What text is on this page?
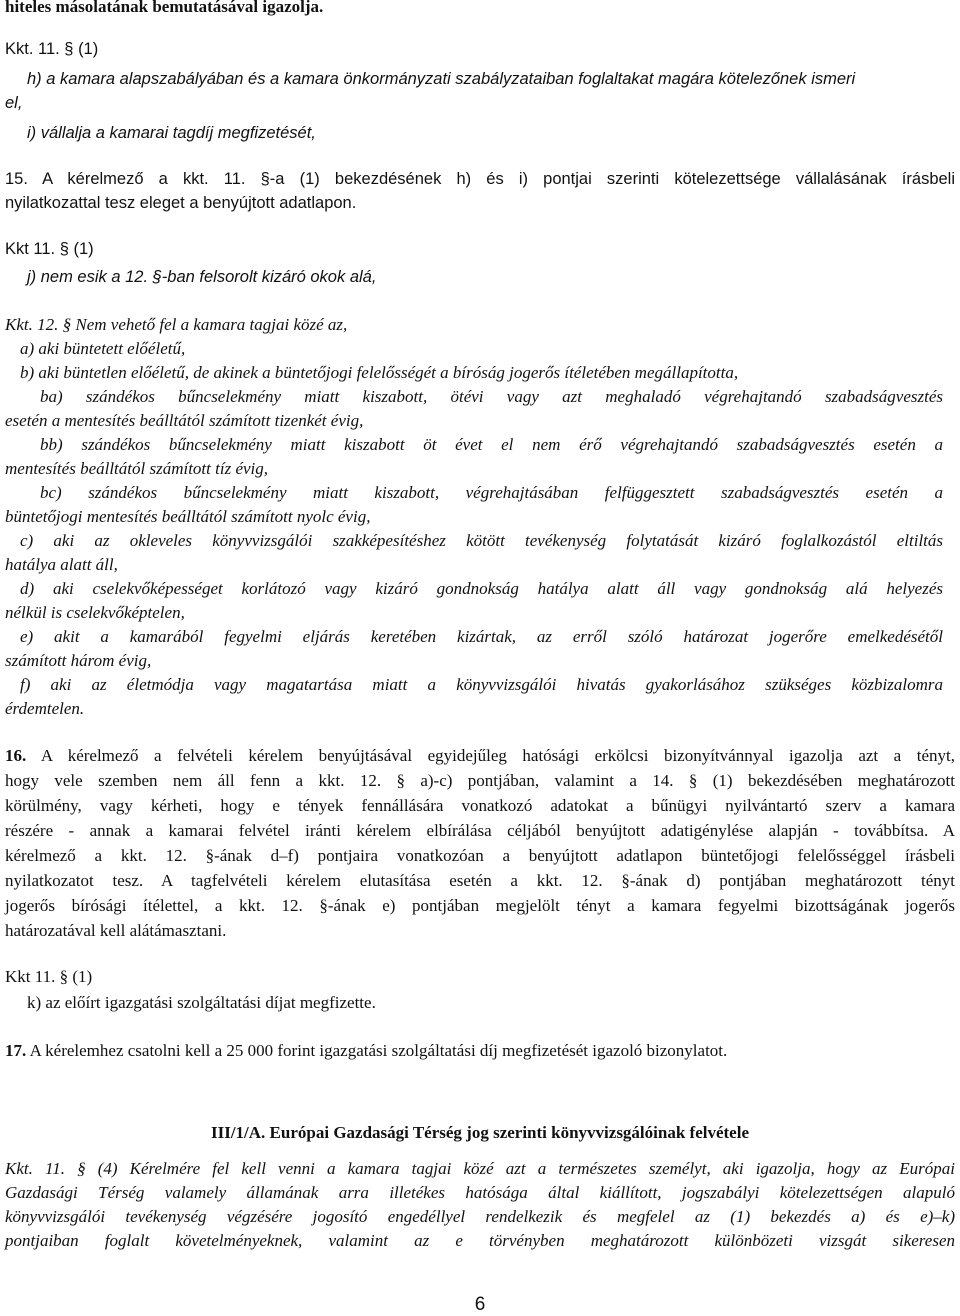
hiteles másolatának bemutatásával igazolja.
Kkt. 11. § (1)
h) a kamara alapszabályában és a kamara önkormányzati szabályzataiban foglaltakat magára kötelezőnek ismeri
el,
i) vállalja a kamarai tagdíj megfizetését,
15. A kérelmező a kkt. 11. §-a (1) bekezdésének h) és i) pontjai szerinti kötelezettsége vállalásának írásbeli
nyilatkozattal tesz eleget a benyújtott adatlapon.
Kkt 11. § (1)
j) nem esik a 12. §-ban felsorolt kizáró okok alá,
Kkt. 12. § Nem vehető fel a kamara tagjai közé az,
a) aki büntetett előéletű,
b) aki büntetlen előéletű, de akinek a büntetőjogi felelősségét a bíróság jogerős ítéletében megállapította,
ba) szándékos bűncselekmény miatt kiszabott, ötévi vagy azt meghaladó végrehajtandó szabadságvesztés
esetén a mentesítés beálltától számított tizenkét évig,
bb) szándékos bűncselekmény miatt kiszabott öt évet el nem érő végrehajtandó szabadságvesztés esetén a
mentesítés beálltától számított tíz évig,
bc) szándékos bűncselekmény miatt kiszabott, végrehajtásában felfüggesztett szabadságvesztés esetén a
büntetőjogi mentesítés beálltától számított nyolc évig,
c) aki az okleveles könyvvizsgálói szakképesítéshez kötött tevékenység folytatását kizáró foglalkozástól eltiltás
hatálya alatt áll,
d) aki cselekvőképességet korlátozó vagy kizáró gondnokság hatálya alatt áll vagy gondnokság alá helyezés
nélkül is cselekvőképtelen,
e) akit a kamarából fegyelmi eljárás keretében kizártak, az erről szóló határozat jogerőre emelkedésétől
számított három évig,
f) aki az életmódja vagy magatartása miatt a könyvvizsgálói hivatás gyakorlásához szükséges közbizalomra
érdemtelen.
16. A kérelmező a felvételi kérelem benyújtásával egyidejűleg hatósági erkölcsi bizonyítvánnyal igazolja azt a tényt,
hogy vele szemben nem áll fenn a kkt. 12. § a)-c) pontjában, valamint a 14. § (1) bekezdésében meghatározott
körülmény, vagy kérheti, hogy e tények fennállására vonatkozó adatokat a bűnügyi nyilvántartó szerv a kamara
részére - annak a kamarai felvétel iránti kérelem elbírálása céljából benyújtott adatigénylése alapján - továbbítsa. A
kérelmező a kkt. 12. §-ának d–f) pontjaira vonatkozóan a benyújtott adatlapon büntetőjogi felelősséggel írásbeli
nyilatkozatot tesz. A tagfelvételi kérelem elutasítása esetén a kkt. 12. §-ának d) pontjában meghatározott tényt
jogerős bírósági ítélettel, a kkt. 12. §-ának e) pontjában megjelölt tényt a kamara fegyelmi bizottságának jogerős
határozatával kell alátámasztani.
Kkt 11. § (1)
k) az előírt igazgatási szolgáltatási díjat megfizette.
17. A kérelemhez csatolni kell a 25 000 forint igazgatási szolgáltatási díj megfizetését igazoló bizonylatot.
III/1/A. Európai Gazdasági Térség jog szerinti könyvvizsgálóinak felvétele
Kkt. 11. § (4) Kérelmére fel kell venni a kamara tagjai közé azt a természetes személyt, aki igazolja, hogy az Európai
Gazdasági Térség valamely államának arra illetékes hatósága által kiállított, jogszabályi kötelezettségen alapuló
könyvvizsgálói tevékenység végzésére jogosító engedéllyel rendelkezik és megfelel az (1) bekezdés a) és e)–k)
pontjaiban foglalt követelményeknek, valamint az e törvényben meghatározott különbözeti vizsgát sikeresen
6
